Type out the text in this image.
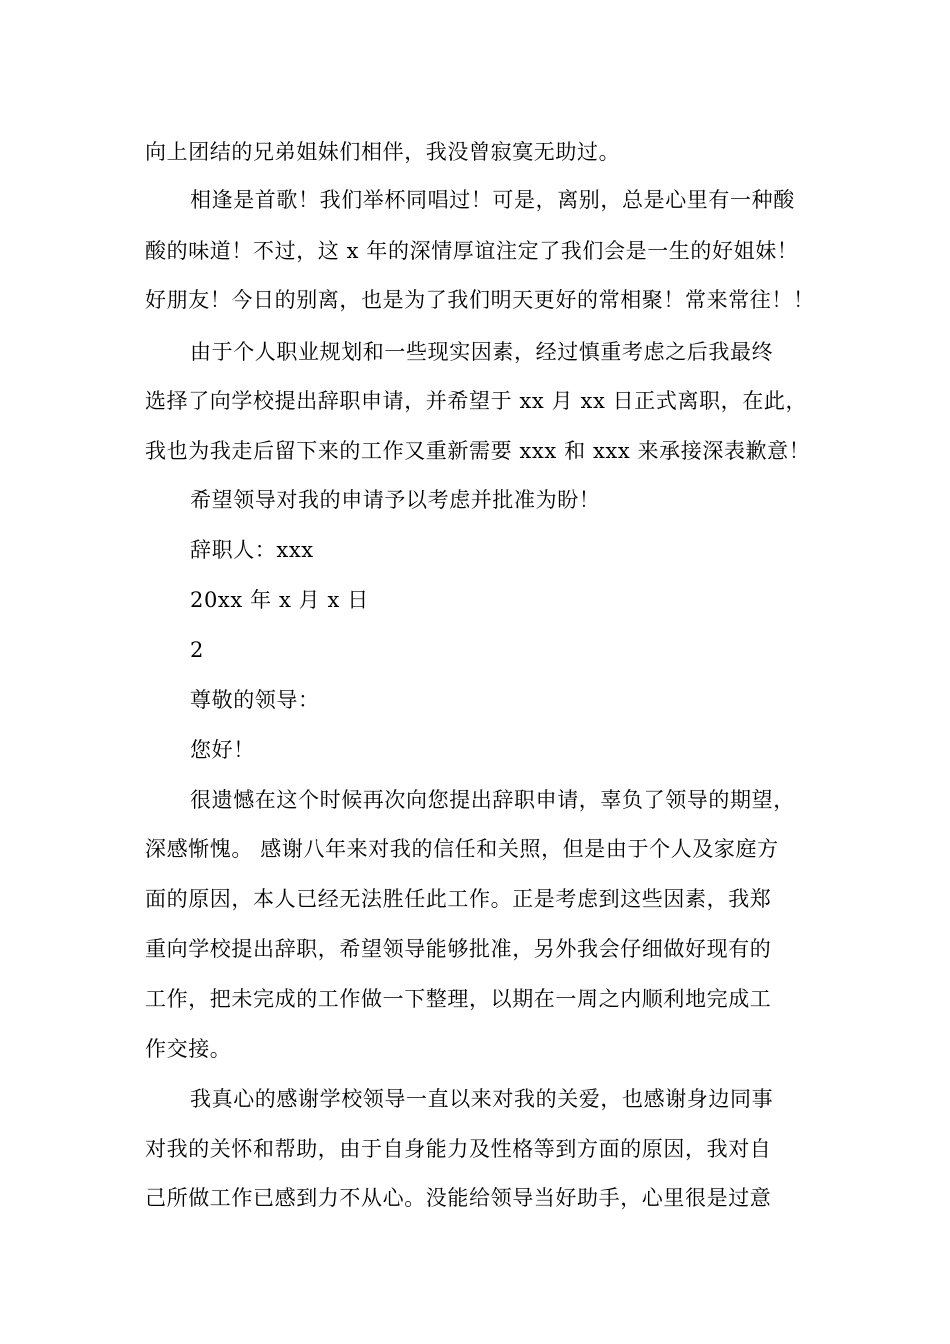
向上团结的兄弟姐妹们相伴，我没曾寂寞无助过。
相逢是首歌！我们举杯同唱过！可是，离别，总是心里有一种酸
酸的味道！不过，这 x 年的深情厚谊注定了我们会是一生的好姐妹！
好朋友！今日的别离，也是为了我们明天更好的常相聚！常来常往！！
由于个人职业规划和一些现实因素，经过慎重考虑之后我最终
选择了向学校提出辞职申请，并希望于 xx 月 xx 日正式离职，在此，
我也为我走后留下来的工作又重新需要 xxx 和 xxx 来承接深表歉意！
希望领导对我的申请予以考虑并批准为盼！
辞职人：xxx
20xx 年 x 月 x 日
2
尊敬的领导：
您好！
很遗憾在这个时候再次向您提出辞职申请，辜负了领导的期望，
深感惭愧。 感谢八年来对我的信任和关照，但是由于个人及家庭方
面的原因，本人已经无法胜任此工作。正是考虑到这些因素，我郑
重向学校提出辞职，希望领导能够批准，另外我会仔细做好现有的
工作，把未完成的工作做一下整理，以期在一周之内顺利地完成工
作交接。
我真心的感谢学校领导一直以来对我的关爱，也感谢身边同事
对我的关怀和帮助，由于自身能力及性格等到方面的原因，我对自
己所做工作已感到力不从心。没能给领导当好助手，心里很是过意
